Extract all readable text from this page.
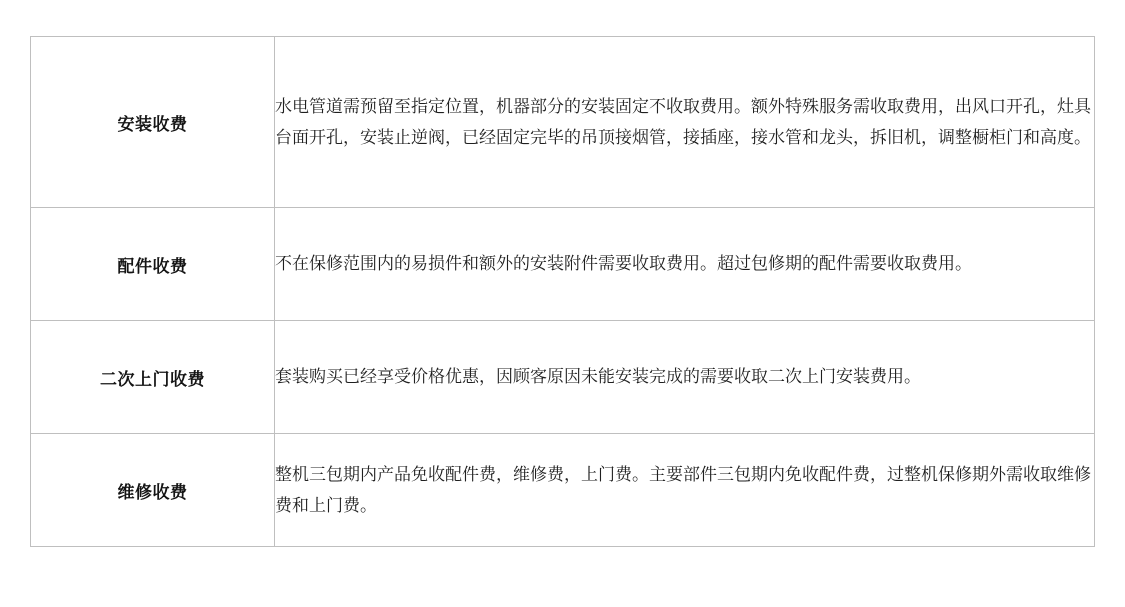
安装收费	水电管道需预留至指定位置，机器部分的安装固定不收取费用。额外特殊服务需收取费用，出风口开孔，灶具台面开孔，安装止逆阀，已经固定完毕的吊顶接烟管，接插座，接水管和龙头，拆旧机，调整橱柜门和高度。

配件收费	不在保修范围内的易损件和额外的安装附件需要收取费用。超过包修期的配件需要收取费用。

二次上门收费	套装购买已经享受价格优惠，因顾客原因未能安装完成的需要收取二次上门安装费用。

维修收费	整机三包期内产品免收配件费，维修费，上门费。主要部件三包期内免收配件费，过整机保修期外需收取维修费和上门费。
